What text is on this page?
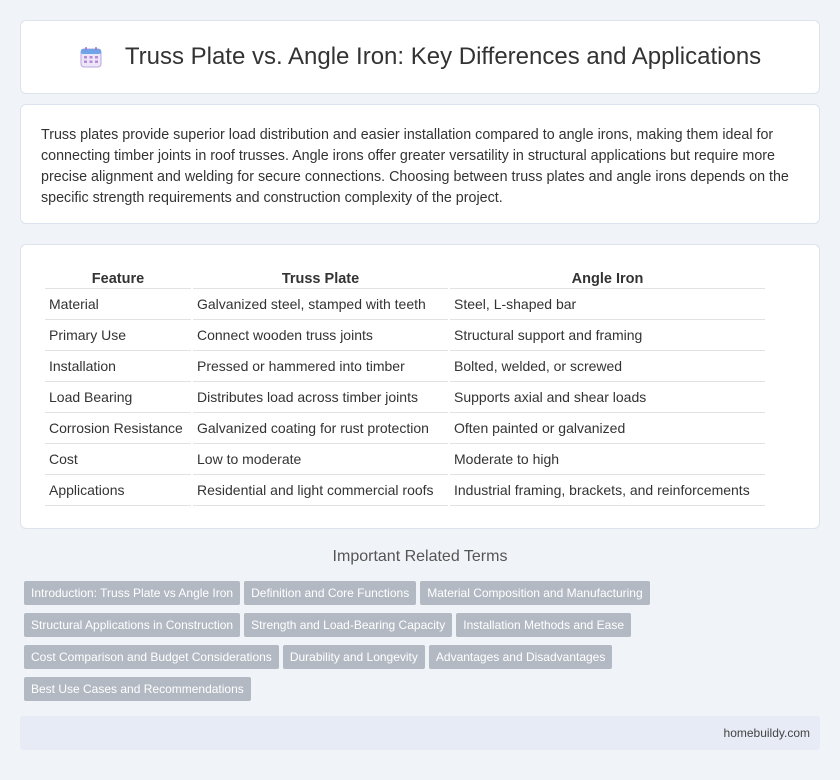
Truss Plate vs. Angle Iron: Key Differences and Applications

Truss plates provide superior load distribution and easier installation compared to angle irons, making them ideal for connecting timber joints in roof trusses. Angle irons offer greater versatility in structural applications but require more precise alignment and welding for secure connections. Choosing between truss plates and angle irons depends on the specific strength requirements and construction complexity of the project.

Feature	Truss Plate	Angle Iron
Material	Galvanized steel, stamped with teeth	Steel, L-shaped bar
Primary Use	Connect wooden truss joints	Structural support and framing
Installation	Pressed or hammered into timber	Bolted, welded, or screwed
Load Bearing	Distributes load across timber joints	Supports axial and shear loads
Corrosion Resistance	Galvanized coating for rust protection	Often painted or galvanized
Cost	Low to moderate	Moderate to high
Applications	Residential and light commercial roofs	Industrial framing, brackets, and reinforcements
Important Related Terms
Introduction: Truss Plate vs Angle Iron Definition and Core Functions Material Composition and Manufacturing
Structural Applications in Construction Strength and Load-Bearing Capacity Installation Methods and Ease
Cost Comparison and Budget Considerations Durability and Longevity Advantages and Disadvantages
Best Use Cases and Recommendations
homebuildy.com
